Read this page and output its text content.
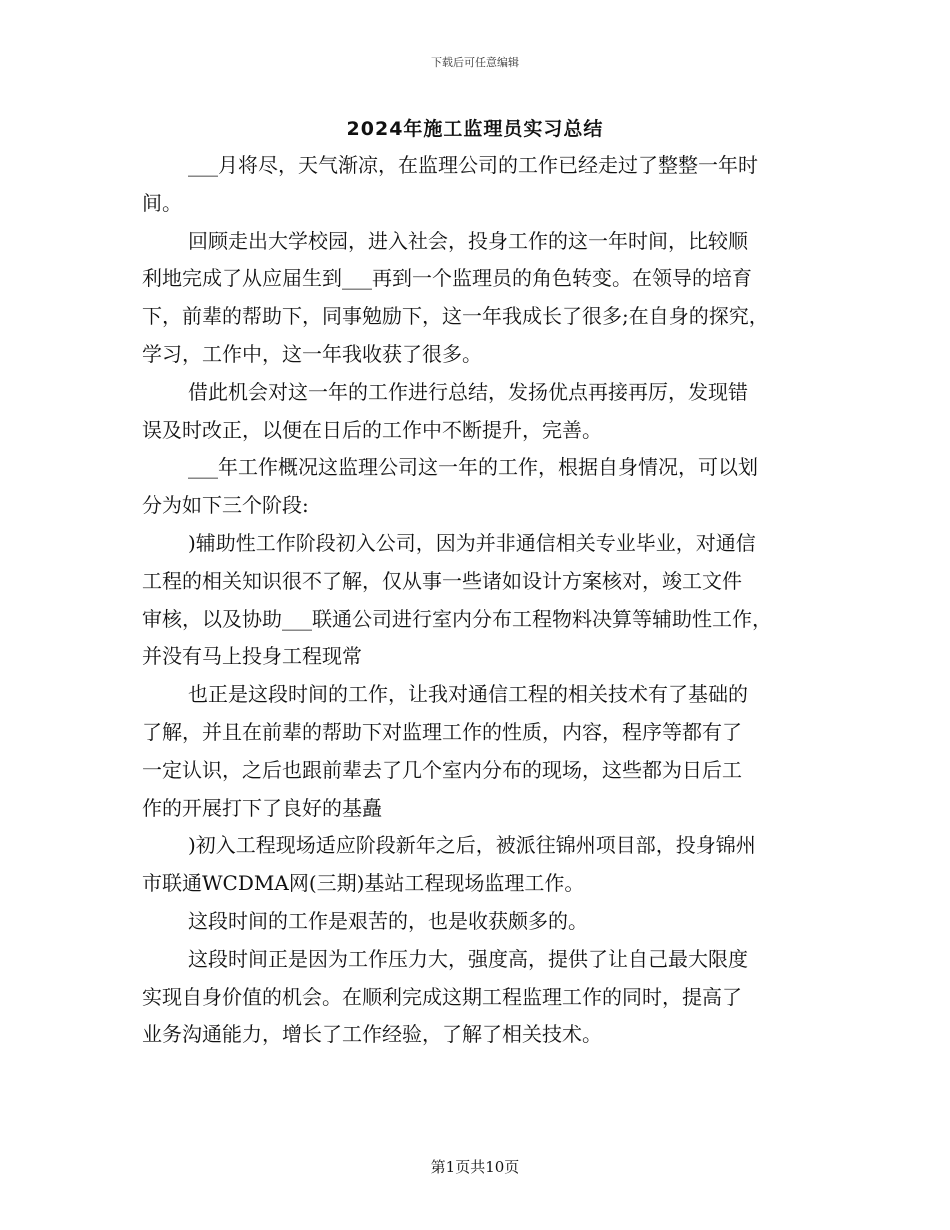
下载后可任意编辑
2024年施工监理员实习总结
___月将尽，天气渐凉，在监理公司的工作已经走过了整整一年时
间。
回顾走出大学校园，进入社会，投身工作的这一年时间，比较顺
利地完成了从应届生到___再到一个监理员的角色转变。在领导的培育
下，前辈的帮助下，同事勉励下，这一年我成长了很多;在自身的探究，
学习，工作中，这一年我收获了很多。
借此机会对这一年的工作进行总结，发扬优点再接再厉，发现错
误及时改正，以便在日后的工作中不断提升，完善。
___年工作概况这监理公司这一年的工作，根据自身情况，可以划
分为如下三个阶段:
)辅助性工作阶段初入公司，因为并非通信相关专业毕业，对通信
工程的相关知识很不了解，仅从事一些诸如设计方案核对，竣工文件
审核，以及协助___联通公司进行室内分布工程物料决算等辅助性工作，
并没有马上投身工程现常
也正是这段时间的工作，让我对通信工程的相关技术有了基础的
了解，并且在前辈的帮助下对监理工作的性质，内容，程序等都有了
一定认识，之后也跟前辈去了几个室内分布的现场，这些都为日后工
作的开展打下了良好的基矗
)初入工程现场适应阶段新年之后，被派往锦州项目部，投身锦州
市联通WCDMA网(三期)基站工程现场监理工作。
这段时间的工作是艰苦的，也是收获颇多的。
这段时间正是因为工作压力大，强度高，提供了让自己最大限度
实现自身价值的机会。在顺利完成这期工程监理工作的同时，提高了
业务沟通能力，增长了工作经验，了解了相关技术。
第1页共10页
